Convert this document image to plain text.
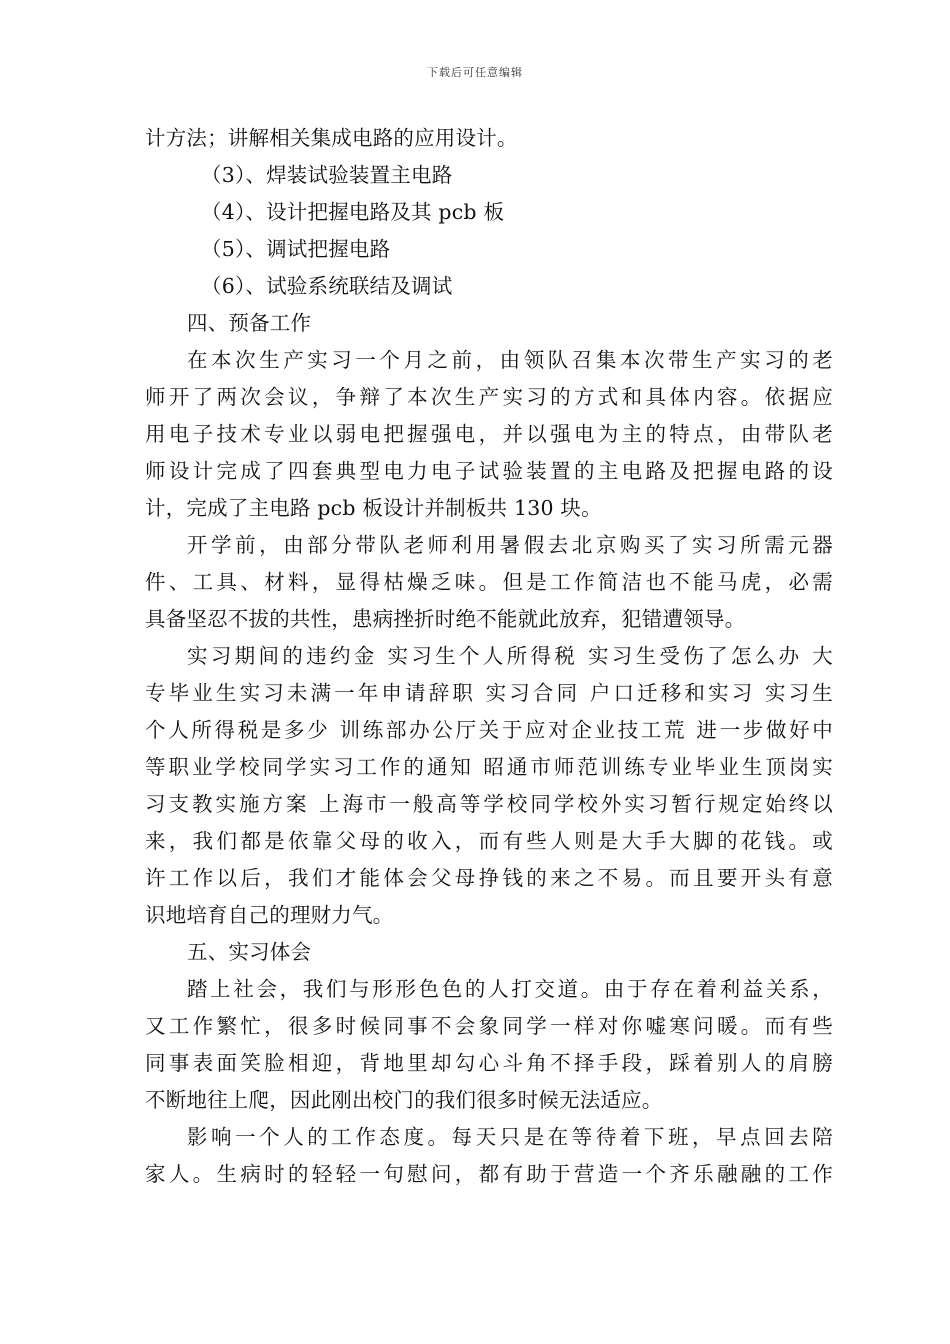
下载后可任意编辑
计方法；讲解相关集成电路的应用设计。
（3）、焊装试验装置主电路
（4）、设计把握电路及其 pcb 板
（5）、调试把握电路
（6）、试验系统联结及调试
四、预备工作
在本次生产实习一个月之前，由领队召集本次带生产实习的老
师开了两次会议，争辩了本次生产实习的方式和具体内容。依据应
用电子技术专业以弱电把握强电，并以强电为主的特点，由带队老
师设计完成了四套典型电力电子试验装置的主电路及把握电路的设
计，完成了主电路 pcb 板设计并制板共 130 块。
开学前，由部分带队老师利用暑假去北京购买了实习所需元器
件、工具、材料，显得枯燥乏味。但是工作简洁也不能马虎，必需
具备坚忍不拔的共性，患病挫折时绝不能就此放弃，犯错遭领导。
实习期间的违约金 实习生个人所得税 实习生受伤了怎么办 大
专毕业生实习未满一年申请辞职 实习合同 户口迁移和实习 实习生
个人所得税是多少 训练部办公厅关于应对企业技工荒 进一步做好中
等职业学校同学实习工作的通知 昭通市师范训练专业毕业生顶岗实
习支教实施方案 上海市一般高等学校同学校外实习暂行规定始终以
来，我们都是依靠父母的收入，而有些人则是大手大脚的花钱。或
许工作以后，我们才能体会父母挣钱的来之不易。而且要开头有意
识地培育自己的理财力气。
五、实习体会
踏上社会，我们与形形色色的人打交道。由于存在着利益关系，
又工作繁忙，很多时候同事不会象同学一样对你嘘寒问暖。而有些
同事表面笑脸相迎，背地里却勾心斗角不择手段，踩着别人的肩膀
不断地往上爬，因此刚出校门的我们很多时候无法适应。
影响一个人的工作态度。每天只是在等待着下班，早点回去陪
家人。生病时的轻轻一句慰问，都有助于营造一个齐乐融融的工作
